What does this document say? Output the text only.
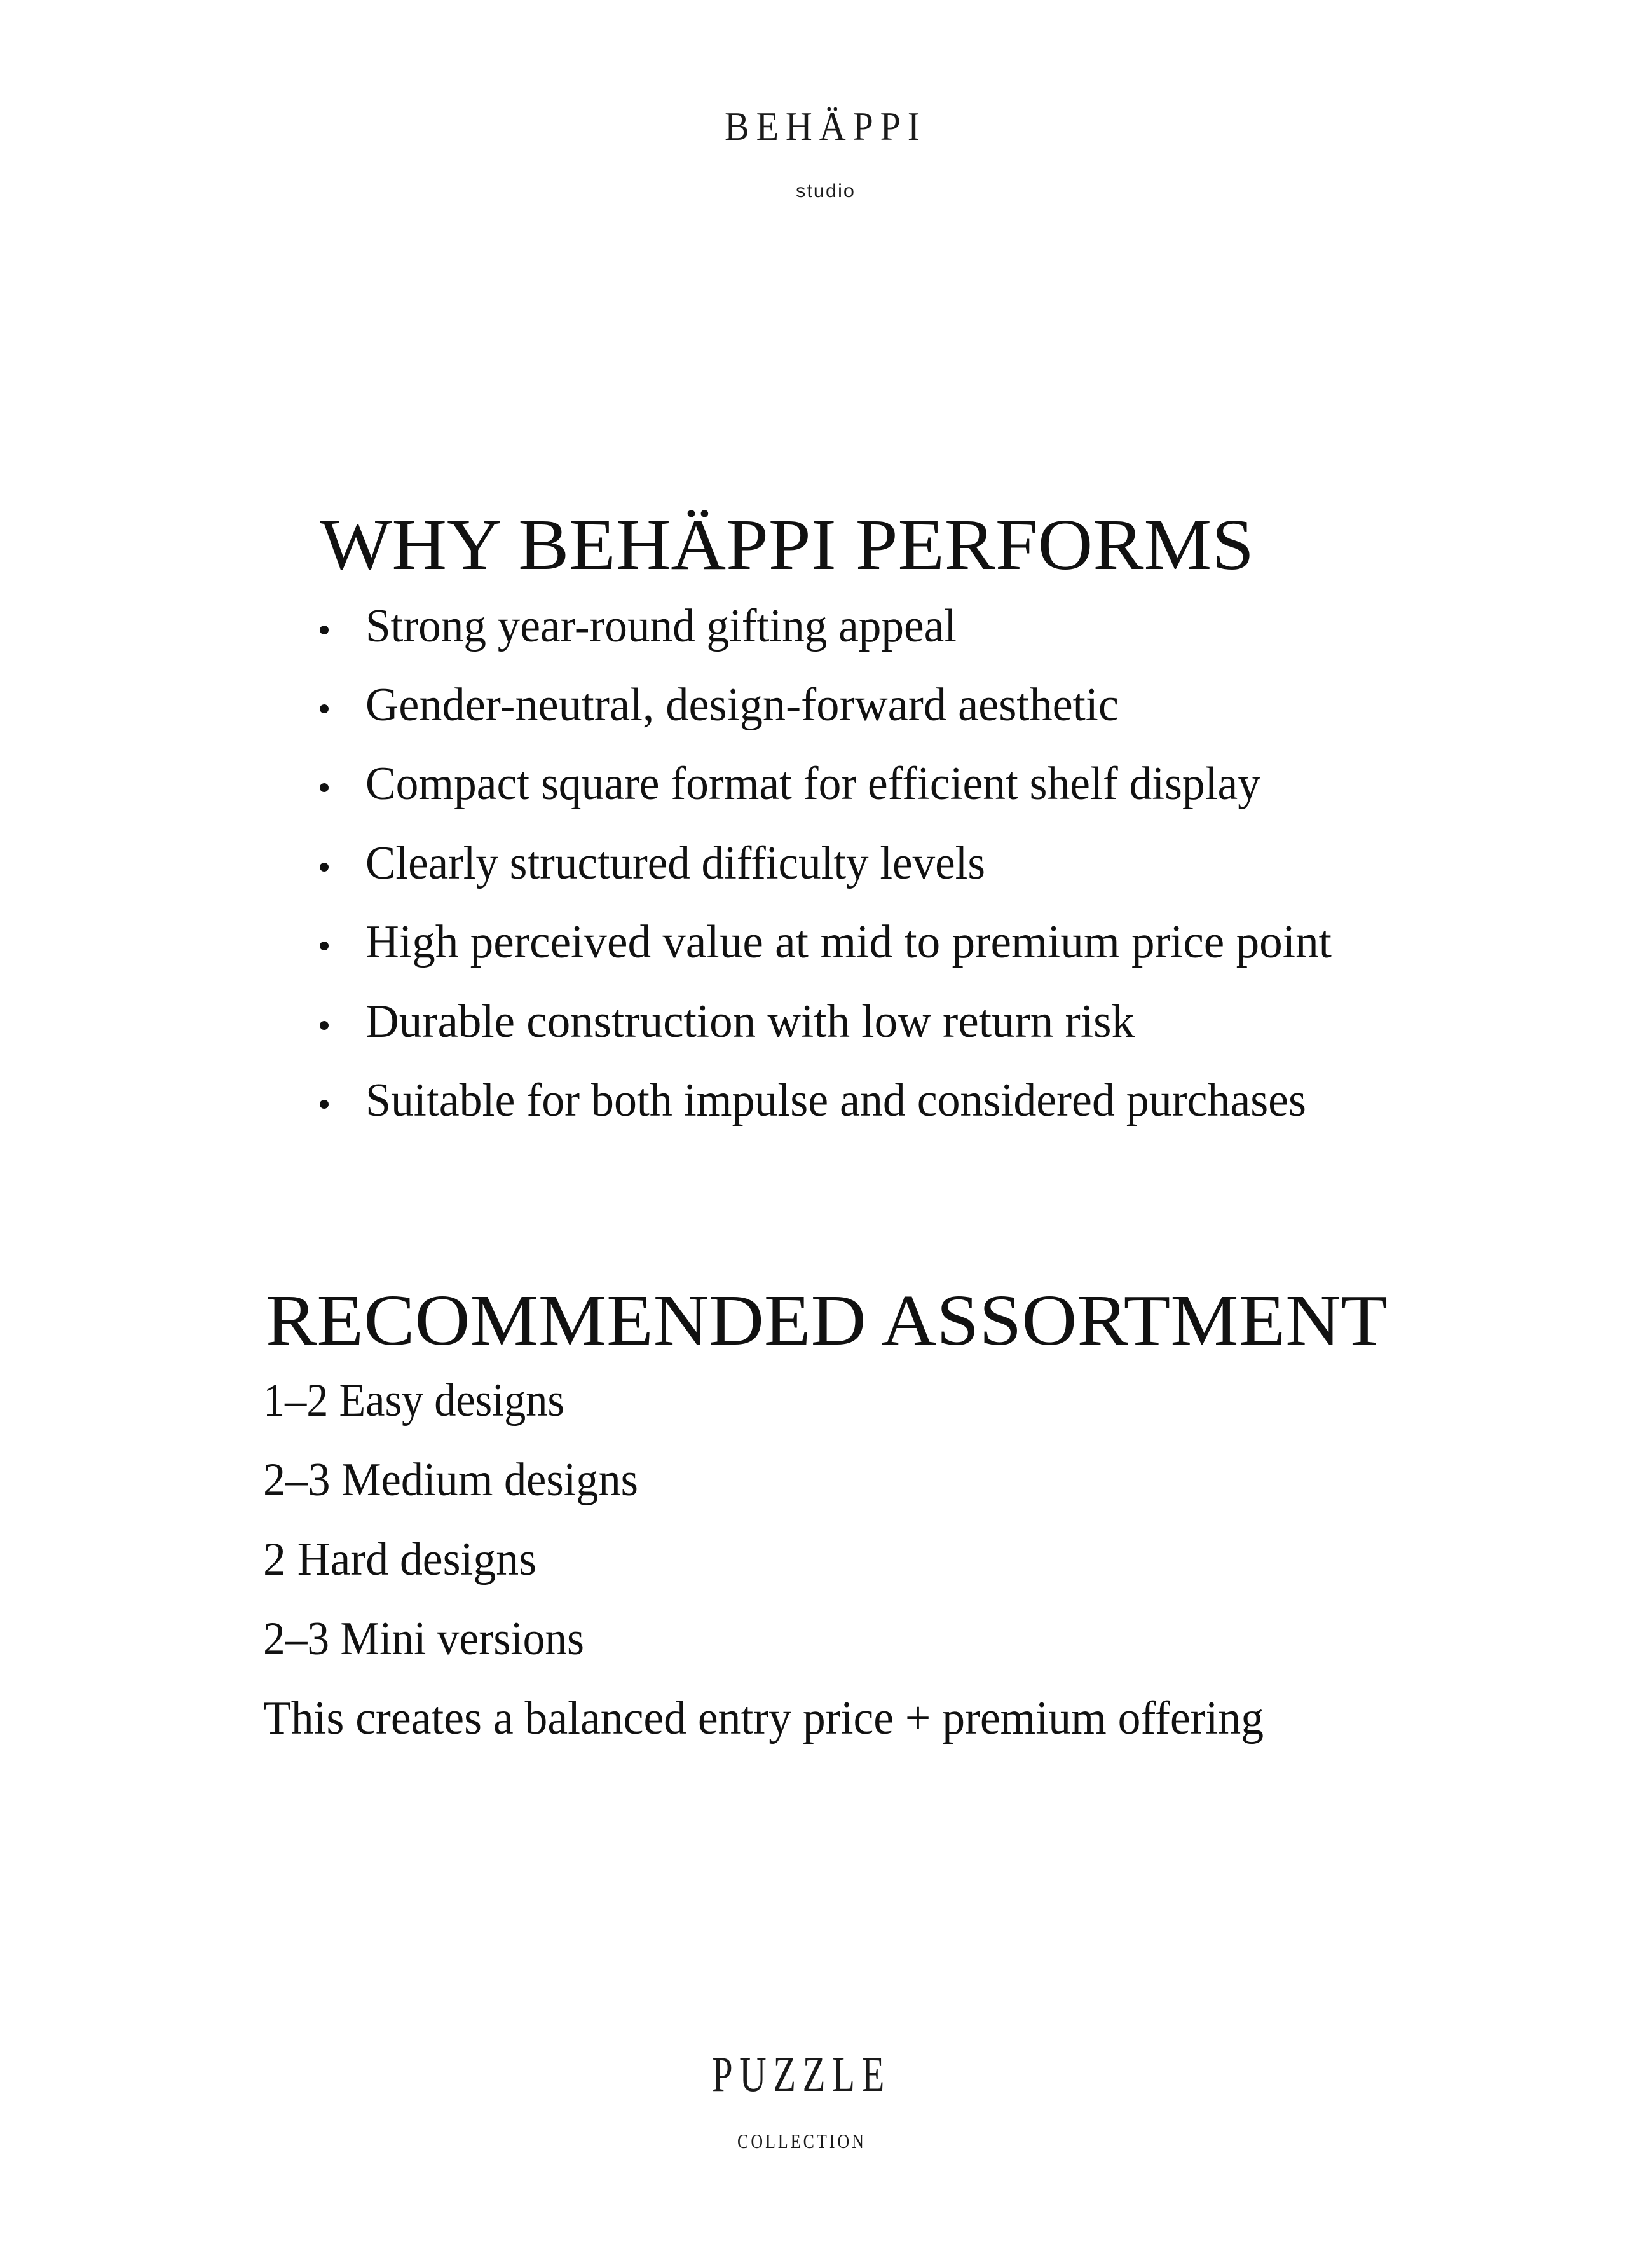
BEHÄPPI
studio
WHY BEHÄPPI PERFORMS
Strong year-round gifting appeal
Gender-neutral, design-forward aesthetic
Compact square format for efficient shelf display
Clearly structured difficulty levels
High perceived value at mid to premium price point
Durable construction with low return risk
Suitable for both impulse and considered purchases
RECOMMENDED ASSORTMENT
1–2 Easy designs
2–3 Medium designs
2 Hard designs
2–3 Mini versions
This creates a balanced entry price + premium offering
PUZZLE
COLLECTION
